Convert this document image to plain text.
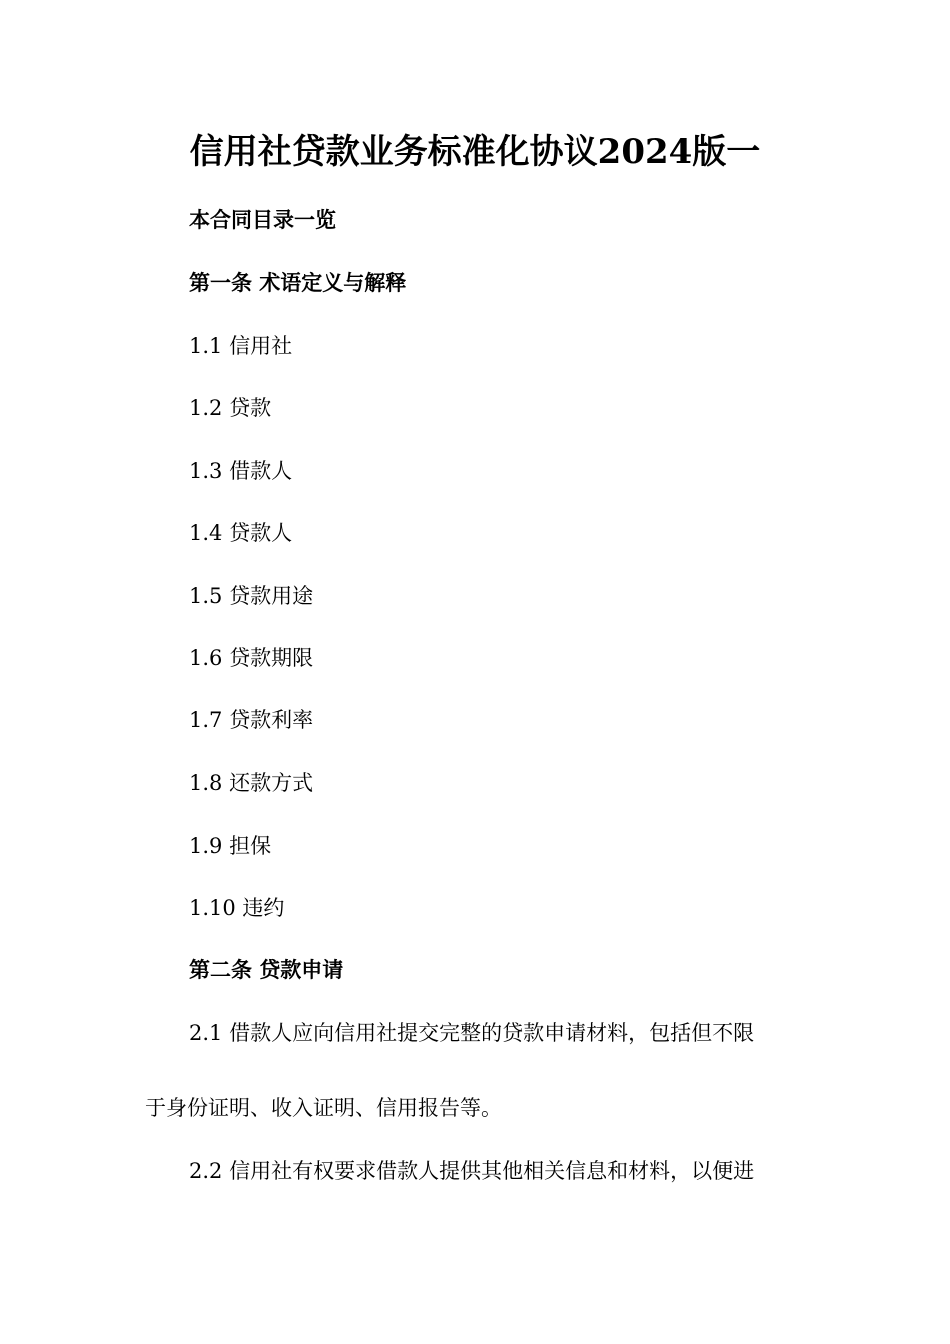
信用社贷款业务标准化协议2024版一
本合同目录一览
第一条 术语定义与解释
1.1 信用社
1.2 贷款
1.3 借款人
1.4 贷款人
1.5 贷款用途
1.6 贷款期限
1.7 贷款利率
1.8 还款方式
1.9 担保
1.10 违约
第二条 贷款申请
2.1 借款人应向信用社提交完整的贷款申请材料，包括但不限
于身份证明、收入证明、信用报告等。
2.2 信用社有权要求借款人提供其他相关信息和材料，以便进
